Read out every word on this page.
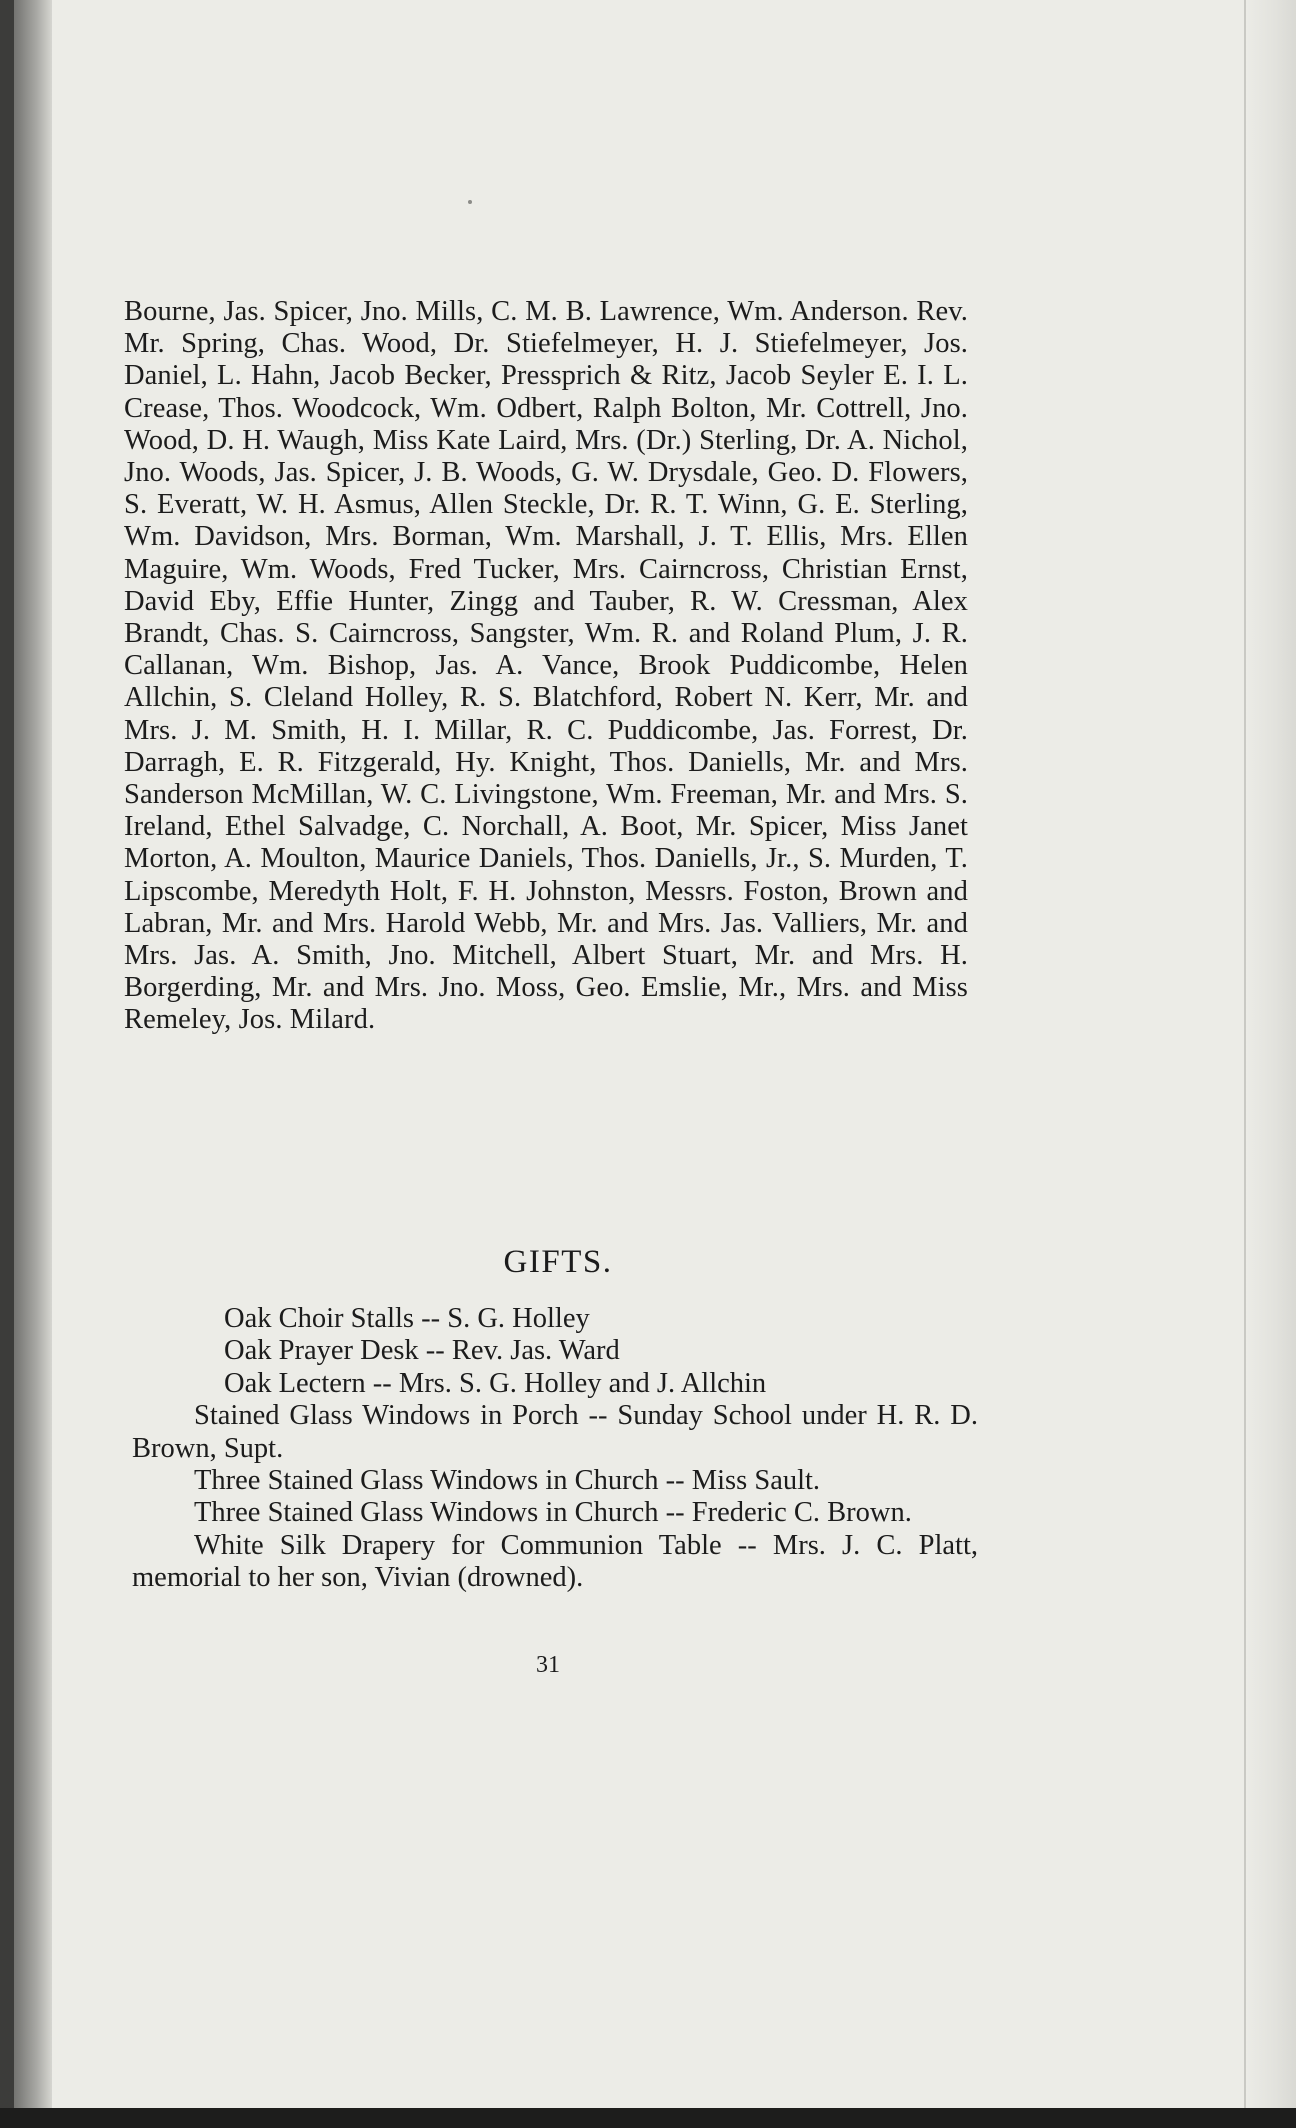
Bourne, Jas. Spicer, Jno. Mills, C. M. B. Lawrence, Wm. Anderson. Rev. Mr. Spring, Chas. Wood, Dr. Stiefelmeyer, H. J. Stiefelmeyer, Jos. Daniel, L. Hahn, Jacob Becker, Pressprich & Ritz, Jacob Seyler E. I. L. Crease, Thos. Woodcock, Wm. Odbert, Ralph Bolton, Mr. Cottrell, Jno. Wood, D. H. Waugh, Miss Kate Laird, Mrs. (Dr.) Sterling, Dr. A. Nichol, Jno. Woods, Jas. Spicer, J. B. Woods, G. W. Drysdale, Geo. D. Flowers, S. Everatt, W. H. Asmus, Allen Steckle, Dr. R. T. Winn, G. E. Sterling, Wm. Davidson, Mrs. Borman, Wm. Marshall, J. T. Ellis, Mrs. Ellen Maguire, Wm. Woods, Fred Tucker, Mrs. Cairncross, Christian Ernst, David Eby, Effie Hunter, Zingg and Tauber, R. W. Cressman, Alex Brandt, Chas. S. Cairncross, Sangster, Wm. R. and Roland Plum, J. R. Callanan, Wm. Bishop, Jas. A. Vance, Brook Puddicombe, Helen Allchin, S. Cleland Holley, R. S. Blatchford, Robert N. Kerr, Mr. and Mrs. J. M. Smith, H. I. Millar, R. C. Puddicombe, Jas. Forrest, Dr. Darragh, E. R. Fitzgerald, Hy. Knight, Thos. Daniells, Mr. and Mrs. Sanderson McMillan, W. C. Livingstone, Wm. Freeman, Mr. and Mrs. S. Ireland, Ethel Salvadge, C. Norchall, A. Boot, Mr. Spicer, Miss Janet Morton, A. Moulton, Maurice Daniels, Thos. Daniells, Jr., S. Murden, T. Lipscombe, Meredyth Holt, F. H. Johnston, Messrs. Foston, Brown and Labran, Mr. and Mrs. Harold Webb, Mr. and Mrs. Jas. Valliers, Mr. and Mrs. Jas. A. Smith, Jno. Mitchell, Albert Stuart, Mr. and Mrs. H. Borgerding, Mr. and Mrs. Jno. Moss, Geo. Emslie, Mr., Mrs. and Miss Remeley, Jos. Milard.
GIFTS.
Oak Choir Stalls -- S. G. Holley
Oak Prayer Desk -- Rev. Jas. Ward
Oak Lectern -- Mrs. S. G. Holley and J. Allchin
Stained Glass Windows in Porch -- Sunday School under H. R. D. Brown, Supt.
Three Stained Glass Windows in Church -- Miss Sault.
Three Stained Glass Windows in Church -- Frederic C. Brown.
White Silk Drapery for Communion Table -- Mrs. J. C. Platt, memorial to her son, Vivian (drowned).
31
